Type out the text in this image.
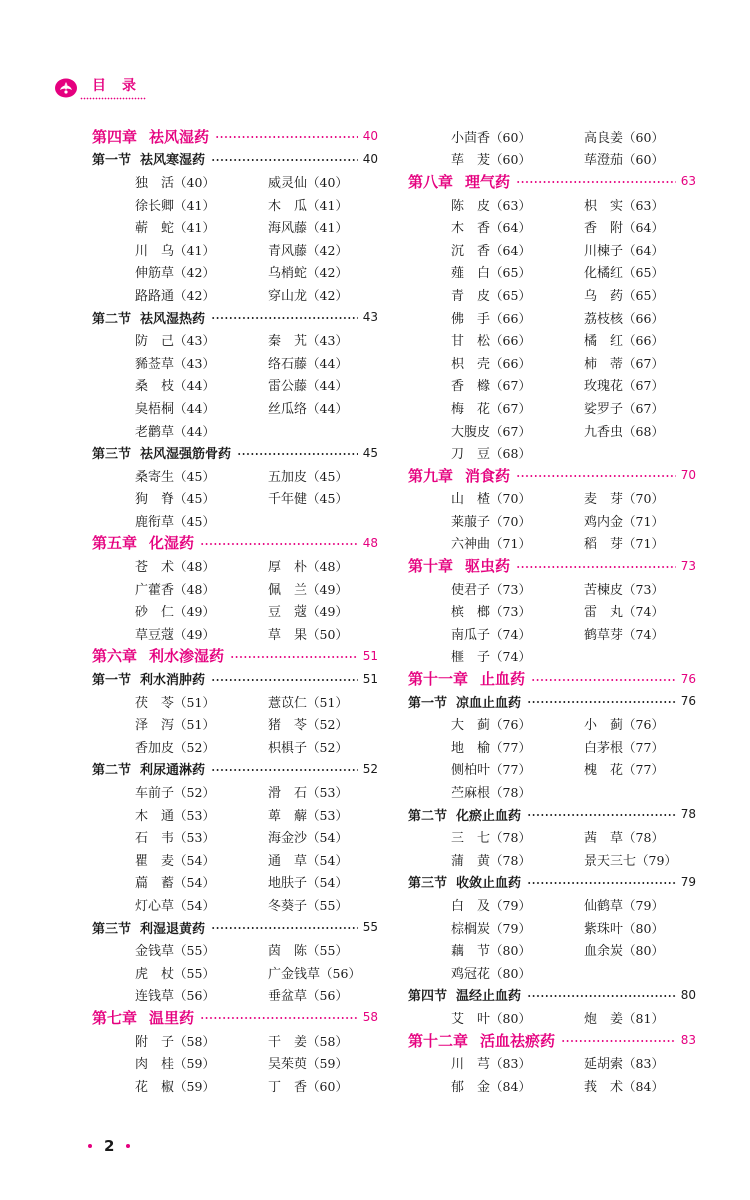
目　录
第四章 祛风湿药	40
第一节 祛风寒湿药	40
独　活 （ 40 ）	威灵仙 （ 40 ）
徐长卿 （ 41 ）	木　瓜 （ 41 ）
蕲　蛇 （ 41 ）	海风藤 （ 41 ）
川　乌 （ 41 ）	青风藤 （ 42 ）
伸筋草 （ 42 ）	乌梢蛇 （ 42 ）
路路通 （ 42 ）	穿山龙 （ 42 ）
第二节 祛风湿热药	43
防　己 （ 43 ）	秦　艽 （ 43 ）
豨莶草 （ 43 ）	络石藤 （ 44 ）
桑　枝 （ 44 ）	雷公藤 （ 44 ）
臭梧桐 （ 44 ）	丝瓜络 （ 44 ）
老鹳草 （ 44 ）
第三节 祛风湿强筋骨药	45
桑寄生 （ 45 ）	五加皮 （ 45 ）
狗　脊 （ 45 ）	千年健 （ 45 ）
鹿衔草 （ 45 ）
第五章 化湿药	48
苍　术 （ 48 ）	厚　朴 （ 48 ）
广藿香 （ 48 ）	佩　兰 （ 49 ）
砂　仁 （ 49 ）	豆　蔻 （ 49 ）
草豆蔻 （ 49 ）	草　果 （ 50 ）
第六章 利水渗湿药	51
第一节 利水消肿药	51
茯　苓 （ 51 ）	薏苡仁 （ 51 ）
泽　泻 （ 51 ）	猪　苓 （ 52 ）
香加皮 （ 52 ）	枳椇子 （ 52 ）
第二节 利尿通淋药	52
车前子 （ 52 ）	滑　石 （ 53 ）
木　通 （ 53 ）	萆　薢 （ 53 ）
石　韦 （ 53 ）	海金沙 （ 54 ）
瞿　麦 （ 54 ）	通　草 （ 54 ）
萹　蓄 （ 54 ）	地肤子 （ 54 ）
灯心草 （ 54 ）	冬葵子 （ 55 ）
第三节 利湿退黄药	55
金钱草 （ 55 ）	茵　陈 （ 55 ）
虎　杖 （ 55 ）	广金钱草 （ 56 ）
连钱草 （ 56 ）	垂盆草 （ 56 ）
第七章 温里药	58
附　子 （ 58 ）	干　姜 （ 58 ）
肉　桂 （ 59 ）	吴茱萸 （ 59 ）
花　椒 （ 59 ）	丁　香 （ 60 ）
小茴香 （ 60 ）	高良姜 （ 60 ）
荜　茇 （ 60 ）	荜澄茄 （ 60 ）
第八章 理气药	63
陈　皮 （ 63 ）	枳　实 （ 63 ）
木　香 （ 64 ）	香　附 （ 64 ）
沉　香 （ 64 ）	川楝子 （ 64 ）
薤　白 （ 65 ）	化橘红 （ 65 ）
青　皮 （ 65 ）	乌　药 （ 65 ）
佛　手 （ 66 ）	荔枝核 （ 66 ）
甘　松 （ 66 ）	橘　红 （ 66 ）
枳　壳 （ 66 ）	柿　蒂 （ 67 ）
香　橼 （ 67 ）	玫瑰花 （ 67 ）
梅　花 （ 67 ）	娑罗子 （ 67 ）
大腹皮 （ 67 ）	九香虫 （ 68 ）
刀　豆 （ 68 ）
第九章 消食药	70
山　楂 （ 70 ）	麦　芽 （ 70 ）
莱菔子 （ 70 ）	鸡内金 （ 71 ）
六神曲 （ 71 ）	稻　芽 （ 71 ）
第十章 驱虫药	73
使君子 （ 73 ）	苦楝皮 （ 73 ）
槟　榔 （ 73 ）	雷　丸 （ 74 ）
南瓜子 （ 74 ）	鹤草芽 （ 74 ）
榧　子 （ 74 ）
第十一章 止血药	76
第一节 凉血止血药	76
大　蓟 （ 76 ）	小　蓟 （ 76 ）
地　榆 （ 77 ）	白茅根 （ 77 ）
侧柏叶 （ 77 ）	槐　花 （ 77 ）
苎麻根 （ 78 ）
第二节 化瘀止血药	78
三　七 （ 78 ）	茜　草 （ 78 ）
蒲　黄 （ 78 ）	景天三七 （ 79 ）
第三节 收敛止血药	79
白　及 （ 79 ）	仙鹤草 （ 79 ）
棕榈炭 （ 79 ）	紫珠叶 （ 80 ）
藕　节 （ 80 ）	血余炭 （ 80 ）
鸡冠花 （ 80 ）
第四节 温经止血药	80
艾　叶 （ 80 ）	炮　姜 （ 81 ）
第十二章 活血祛瘀药	83
川　芎 （ 83 ）	延胡索 （ 83 ）
郁　金 （ 84 ）	莪　术 （ 84 ）
2
